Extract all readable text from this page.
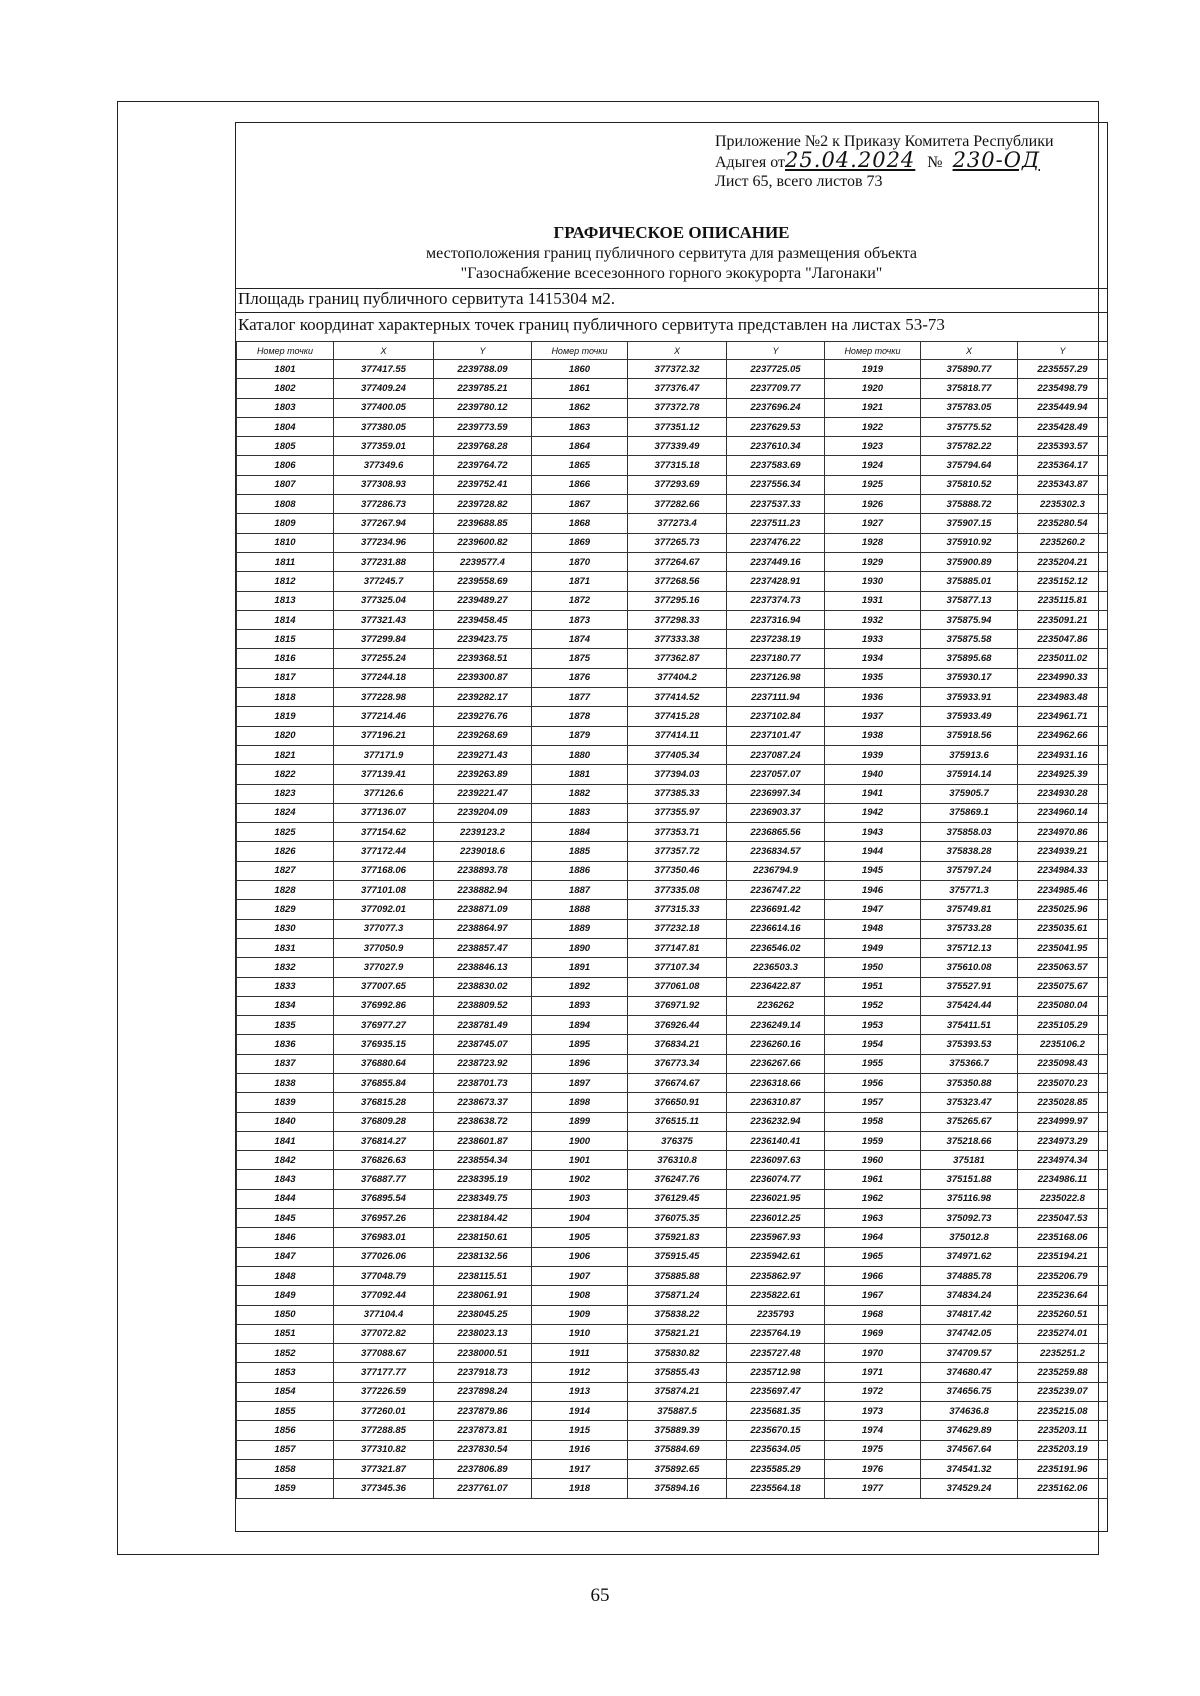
Приложение №2 к Приказу Комитета Республики
Адыгея от25.04.2024 № 230-ОД
Лист 65, всего листов 73
ГРАФИЧЕСКОЕ ОПИСАНИЕ
местоположения границ публичного сервитута для размещения объекта
"Газоснабжение всесезонного горного экокурорта "Лагонаки"
Площадь границ публичного сервитута 1415304 м2.
Каталог координат характерных точек границ публичного сервитута представлен на листах 53-73
Номер точки	X	Y	Номер точки	X	Y	Номер точки	X	Y
1801	377417.55	2239788.09	1860	377372.32	2237725.05	1919	375890.77	2235557.29
1802	377409.24	2239785.21	1861	377376.47	2237709.77	1920	375818.77	2235498.79
1803	377400.05	2239780.12	1862	377372.78	2237696.24	1921	375783.05	2235449.94
1804	377380.05	2239773.59	1863	377351.12	2237629.53	1922	375775.52	2235428.49
1805	377359.01	2239768.28	1864	377339.49	2237610.34	1923	375782.22	2235393.57
1806	377349.6	2239764.72	1865	377315.18	2237583.69	1924	375794.64	2235364.17
1807	377308.93	2239752.41	1866	377293.69	2237556.34	1925	375810.52	2235343.87
1808	377286.73	2239728.82	1867	377282.66	2237537.33	1926	375888.72	2235302.3
1809	377267.94	2239688.85	1868	377273.4	2237511.23	1927	375907.15	2235280.54
1810	377234.96	2239600.82	1869	377265.73	2237476.22	1928	375910.92	2235260.2
1811	377231.88	2239577.4	1870	377264.67	2237449.16	1929	375900.89	2235204.21
1812	377245.7	2239558.69	1871	377268.56	2237428.91	1930	375885.01	2235152.12
1813	377325.04	2239489.27	1872	377295.16	2237374.73	1931	375877.13	2235115.81
1814	377321.43	2239458.45	1873	377298.33	2237316.94	1932	375875.94	2235091.21
1815	377299.84	2239423.75	1874	377333.38	2237238.19	1933	375875.58	2235047.86
1816	377255.24	2239368.51	1875	377362.87	2237180.77	1934	375895.68	2235011.02
1817	377244.18	2239300.87	1876	377404.2	2237126.98	1935	375930.17	2234990.33
1818	377228.98	2239282.17	1877	377414.52	2237111.94	1936	375933.91	2234983.48
1819	377214.46	2239276.76	1878	377415.28	2237102.84	1937	375933.49	2234961.71
1820	377196.21	2239268.69	1879	377414.11	2237101.47	1938	375918.56	2234962.66
1821	377171.9	2239271.43	1880	377405.34	2237087.24	1939	375913.6	2234931.16
1822	377139.41	2239263.89	1881	377394.03	2237057.07	1940	375914.14	2234925.39
1823	377126.6	2239221.47	1882	377385.33	2236997.34	1941	375905.7	2234930.28
1824	377136.07	2239204.09	1883	377355.97	2236903.37	1942	375869.1	2234960.14
1825	377154.62	2239123.2	1884	377353.71	2236865.56	1943	375858.03	2234970.86
1826	377172.44	2239018.6	1885	377357.72	2236834.57	1944	375838.28	2234939.21
1827	377168.06	2238893.78	1886	377350.46	2236794.9	1945	375797.24	2234984.33
1828	377101.08	2238882.94	1887	377335.08	2236747.22	1946	375771.3	2234985.46
1829	377092.01	2238871.09	1888	377315.33	2236691.42	1947	375749.81	2235025.96
1830	377077.3	2238864.97	1889	377232.18	2236614.16	1948	375733.28	2235035.61
1831	377050.9	2238857.47	1890	377147.81	2236546.02	1949	375712.13	2235041.95
1832	377027.9	2238846.13	1891	377107.34	2236503.3	1950	375610.08	2235063.57
1833	377007.65	2238830.02	1892	377061.08	2236422.87	1951	375527.91	2235075.67
1834	376992.86	2238809.52	1893	376971.92	2236262	1952	375424.44	2235080.04
1835	376977.27	2238781.49	1894	376926.44	2236249.14	1953	375411.51	2235105.29
1836	376935.15	2238745.07	1895	376834.21	2236260.16	1954	375393.53	2235106.2
1837	376880.64	2238723.92	1896	376773.34	2236267.66	1955	375366.7	2235098.43
1838	376855.84	2238701.73	1897	376674.67	2236318.66	1956	375350.88	2235070.23
1839	376815.28	2238673.37	1898	376650.91	2236310.87	1957	375323.47	2235028.85
1840	376809.28	2238638.72	1899	376515.11	2236232.94	1958	375265.67	2234999.97
1841	376814.27	2238601.87	1900	376375	2236140.41	1959	375218.66	2234973.29
1842	376826.63	2238554.34	1901	376310.8	2236097.63	1960	375181	2234974.34
1843	376887.77	2238395.19	1902	376247.76	2236074.77	1961	375151.88	2234986.11
1844	376895.54	2238349.75	1903	376129.45	2236021.95	1962	375116.98	2235022.8
1845	376957.26	2238184.42	1904	376075.35	2236012.25	1963	375092.73	2235047.53
1846	376983.01	2238150.61	1905	375921.83	2235967.93	1964	375012.8	2235168.06
1847	377026.06	2238132.56	1906	375915.45	2235942.61	1965	374971.62	2235194.21
1848	377048.79	2238115.51	1907	375885.88	2235862.97	1966	374885.78	2235206.79
1849	377092.44	2238061.91	1908	375871.24	2235822.61	1967	374834.24	2235236.64
1850	377104.4	2238045.25	1909	375838.22	2235793	1968	374817.42	2235260.51
1851	377072.82	2238023.13	1910	375821.21	2235764.19	1969	374742.05	2235274.01
1852	377088.67	2238000.51	1911	375830.82	2235727.48	1970	374709.57	2235251.2
1853	377177.77	2237918.73	1912	375855.43	2235712.98	1971	374680.47	2235259.88
1854	377226.59	2237898.24	1913	375874.21	2235697.47	1972	374656.75	2235239.07
1855	377260.01	2237879.86	1914	375887.5	2235681.35	1973	374636.8	2235215.08
1856	377288.85	2237873.81	1915	375889.39	2235670.15	1974	374629.89	2235203.11
1857	377310.82	2237830.54	1916	375884.69	2235634.05	1975	374567.64	2235203.19
1858	377321.87	2237806.89	1917	375892.65	2235585.29	1976	374541.32	2235191.96
1859	377345.36	2237761.07	1918	375894.16	2235564.18	1977	374529.24	2235162.06
65
